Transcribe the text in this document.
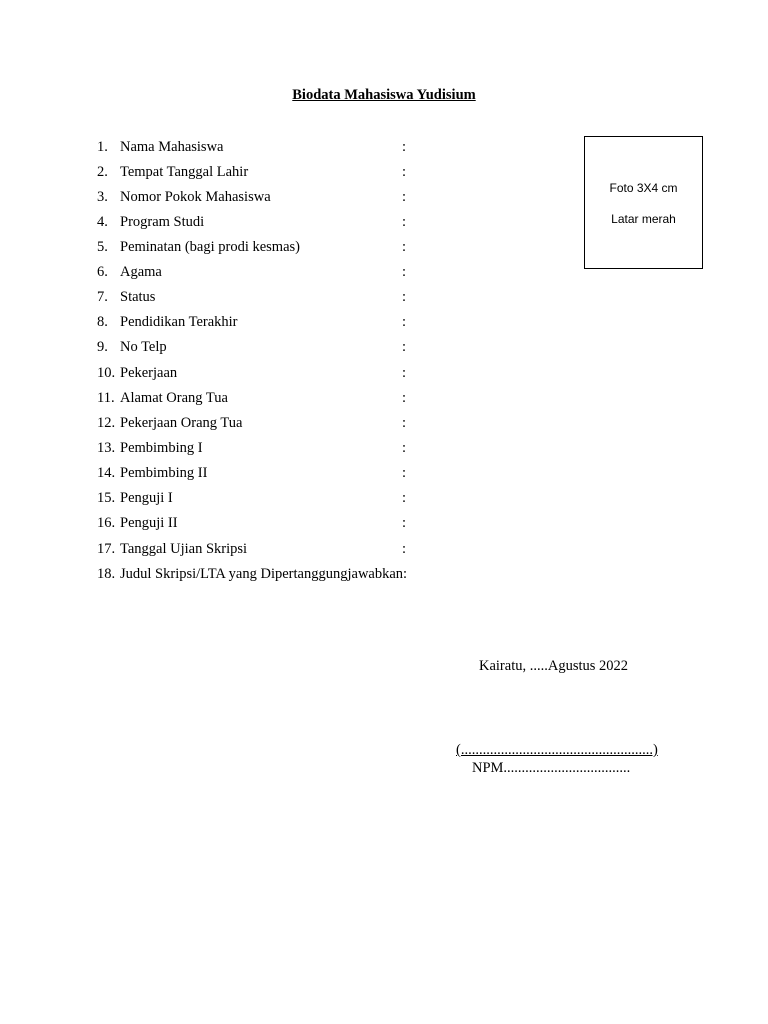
Biodata Mahasiswa Yudisium
1. Nama Mahasiswa	:
2. Tempat Tanggal Lahir	:
3. Nomor Pokok Mahasiswa	:
4. Program Studi	:
5. Peminatan (bagi prodi kesmas)	:
6. Agama	:
7. Status	:
8. Pendidikan Terakhir	:
9. No Telp	:
10. Pekerjaan	:
11. Alamat Orang Tua	:
12. Pekerjaan Orang Tua	:
13. Pembimbing I	:
14. Pembimbing II	:
15. Penguji I	:
16. Penguji II	:
17. Tanggal Ujian Skripsi	:
18. Judul Skripsi/LTA yang Dipertanggungjawabkan:
Foto 3X4 cm
Latar merah
Kairatu, .....Agustus 2022
(.....................................................)
NPM...................................
